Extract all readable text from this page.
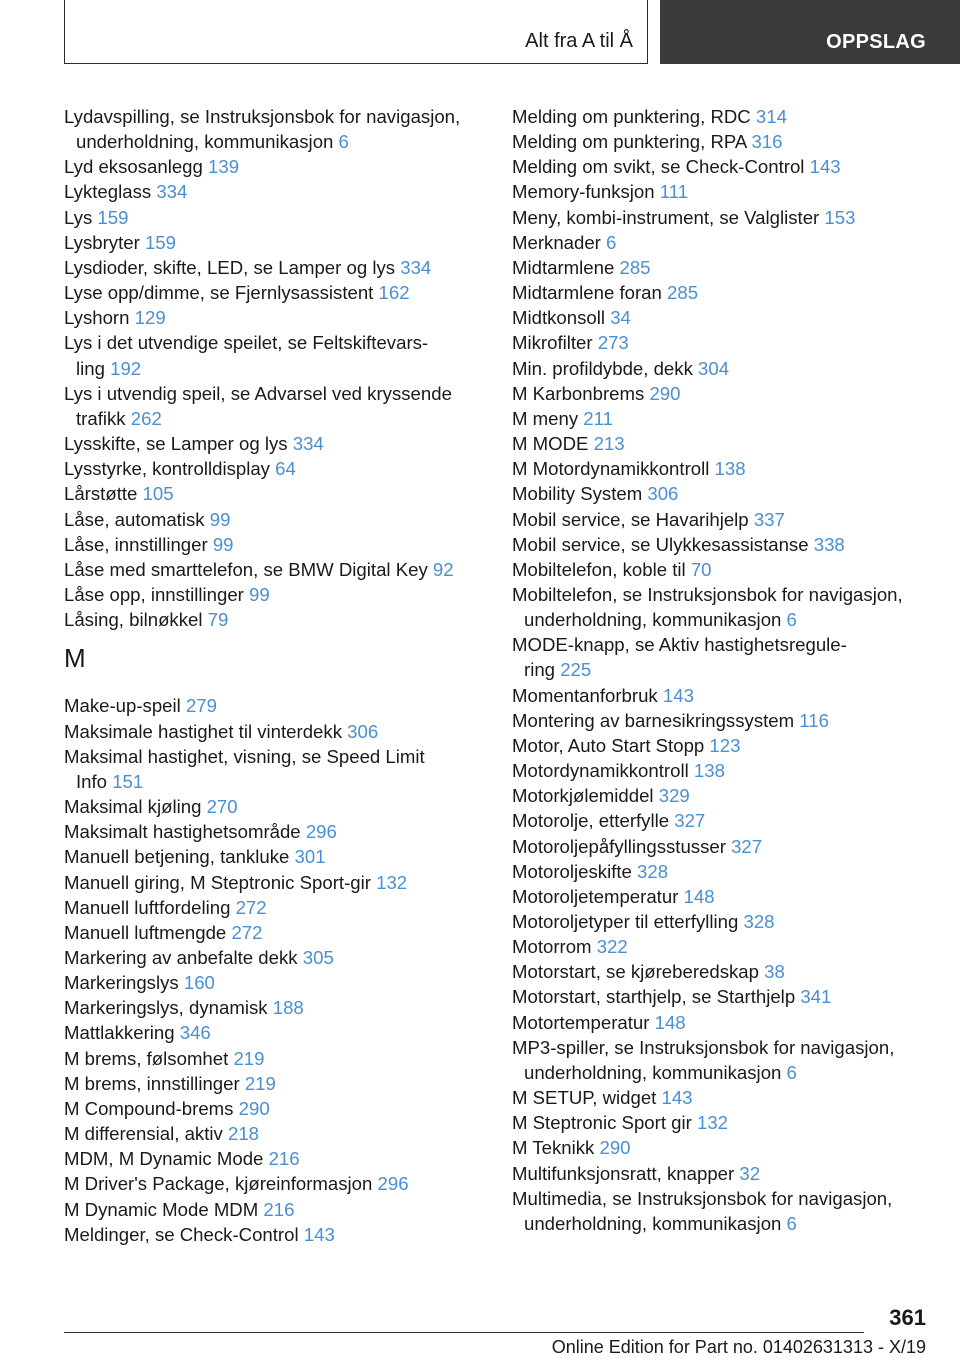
Alt fra A til Å	OPPSLAG
Lydavspilling, se Instruksjonsbok for navigasjon,
underholdning, kommunikasjon 6
Lyd eksosanlegg 139
Lykteglass 334
Lys 159
Lysbryter 159
Lysdioder, skifte, LED, se Lamper og lys 334
Lyse opp/dimme, se Fjernlysassistent 162
Lyshorn 129
Lys i det utvendige speilet, se Feltskiftevars-
ling 192
Lys i utvendig speil, se Advarsel ved kryssende
trafikk 262
Lysskifte, se Lamper og lys 334
Lysstyrke, kontrolldisplay 64
Lårstøtte 105
Låse, automatisk 99
Låse, innstillinger 99
Låse med smarttelefon, se BMW Digital Key 92
Låse opp, innstillinger 99
Låsing, bilnøkkel 79
M
Make-up-speil 279
Maksimale hastighet til vinterdekk 306
Maksimal hastighet, visning, se Speed Limit
Info 151
Maksimal kjøling 270
Maksimalt hastighetsområde 296
Manuell betjening, tankluke 301
Manuell giring, M Steptronic Sport-gir 132
Manuell luftfordeling 272
Manuell luftmengde 272
Markering av anbefalte dekk 305
Markeringslys 160
Markeringslys, dynamisk 188
Mattlakkering 346
M brems, følsomhet 219
M brems, innstillinger 219
M Compound-brems 290
M differensial, aktiv 218
MDM, M Dynamic Mode 216
M Driver's Package, kjøreinformasjon 296
M Dynamic Mode MDM 216
Meldinger, se Check-Control 143
Melding om punktering, RDC 314
Melding om punktering, RPA 316
Melding om svikt, se Check-Control 143
Memory-funksjon 111
Meny, kombi-instrument, se Valglister 153
Merknader 6
Midtarmlene 285
Midtarmlene foran 285
Midtkonsoll 34
Mikrofilter 273
Min. profildybde, dekk 304
M Karbonbrems 290
M meny 211
M MODE 213
M Motordynamikkontroll 138
Mobility System 306
Mobil service, se Havarihjelp 337
Mobil service, se Ulykkesassistanse 338
Mobiltelefon, koble til 70
Mobiltelefon, se Instruksjonsbok for navigasjon,
underholdning, kommunikasjon 6
MODE-knapp, se Aktiv hastighetsregule-
ring 225
Momentanforbruk 143
Montering av barnesikringssystem 116
Motor, Auto Start Stopp 123
Motordynamikkontroll 138
Motorkjølemiddel 329
Motorolje, etterfylle 327
Motoroljepåfyllingsstusser 327
Motoroljeskifte 328
Motoroljetemperatur 148
Motoroljetyper til etterfylling 328
Motorrom 322
Motorstart, se kjøreberedskap 38
Motorstart, starthjelp, se Starthjelp 341
Motortemperatur 148
MP3-spiller, se Instruksjonsbok for navigasjon,
underholdning, kommunikasjon 6
M SETUP, widget 143
M Steptronic Sport gir 132
M Teknikk 290
Multifunksjonsratt, knapper 32
Multimedia, se Instruksjonsbok for navigasjon,
underholdning, kommunikasjon 6
361
Online Edition for Part no. 01402631313 - X/19
